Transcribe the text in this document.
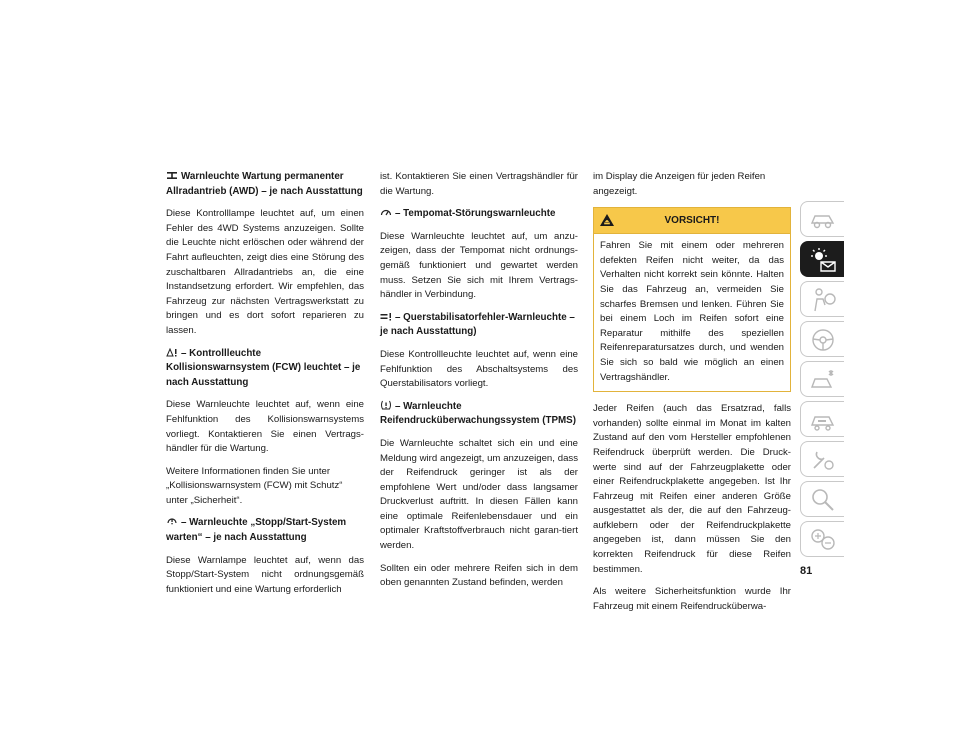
Warnleuchte Wartung permanenter Allradantrieb (AWD) – je nach Ausstattung
Diese Kontrolllampe leuchtet auf, um einen Fehler des 4WD Systems anzuzeigen. Sollte die Leuchte nicht erlöschen oder während der Fahrt aufleuchten, zeigt dies eine Störung des zuschaltbaren Allradantriebs an, die eine Instandsetzung erfordert. Wir empfehlen, das Fahrzeug zur nächsten Vertragswerkstatt zu bringen und es dort sofort reparieren zu lassen.
– Kontrollleuchte Kollisionswarnsystem (FCW) leuchtet – je nach Ausstattung
Diese Warnleuchte leuchtet auf, wenn eine Fehlfunktion des Kollisionswarnsystems vorliegt. Kontaktieren Sie einen Vertrags-händler für die Wartung.
Weitere Informationen finden Sie unter „Kollisionswarnsystem (FCW) mit Schutz“ unter „Sicherheit“.
– Warnleuchte „Stopp/Start-System warten“ – je nach Ausstattung
Diese Warnlampe leuchtet auf, wenn das Stopp/Start-System nicht ordnungsgemäß funktioniert und eine Wartung erforderlich
ist. Kontaktieren Sie einen Vertragshändler für die Wartung.
– Tempomat-Störungswarnleuchte
Diese Warnleuchte leuchtet auf, um anzu-zeigen, dass der Tempomat nicht ordnungs-gemäß funktioniert und gewartet werden muss. Setzen Sie sich mit Ihrem Vertrags-händler in Verbindung.
– Querstabilisatorfehler-Warnleuchte – je nach Ausstattung)
Diese Kontrollleuchte leuchtet auf, wenn eine Fehlfunktion des Abschaltsystems des Querstabilisators vorliegt.
– Warnleuchte Reifendrucküberwachungssystem (TPMS)
Die Warnleuchte schaltet sich ein und eine Meldung wird angezeigt, um anzuzeigen, dass der Reifendruck geringer ist als der empfohlene Wert und/oder dass langsamer Druckverlust auftritt. In diesen Fällen kann eine optimale Reifenlebensdauer und ein optimaler Kraftstoffverbrauch nicht garan-tiert werden.
Sollten ein oder mehrere Reifen sich in dem oben genannten Zustand befinden, werden
im Display die Anzeigen für jeden Reifen angezeigt.
VORSICHT!
Fahren Sie mit einem oder mehreren defekten Reifen nicht weiter, da das Verhalten nicht korrekt sein könnte. Halten Sie das Fahrzeug an, vermeiden Sie scharfes Bremsen und lenken. Führen Sie bei einem Loch im Reifen sofort eine Reparatur mithilfe des speziellen Reifenreparatursatzes durch, und wenden Sie sich so bald wie möglich an einen Vertragshändler.
Jeder Reifen (auch das Ersatzrad, falls vorhanden) sollte einmal im Monat im kalten Zustand auf den vom Hersteller empfohlenen Reifendruck überprüft werden. Die Druck-werte sind auf der Fahrzeugplakette oder einer Reifendruckplakette angegeben. Ist Ihr Fahrzeug mit Reifen einer anderen Größe ausgestattet als der, die auf den Fahrzeug-aufklebern oder der Reifendruckplakette angegeben ist, dann müssen Sie den korrekten Reifendruck für diese Reifen bestimmen.
Als weitere Sicherheitsfunktion wurde Ihr Fahrzeug mit einem Reifendrucküberwa-
81
